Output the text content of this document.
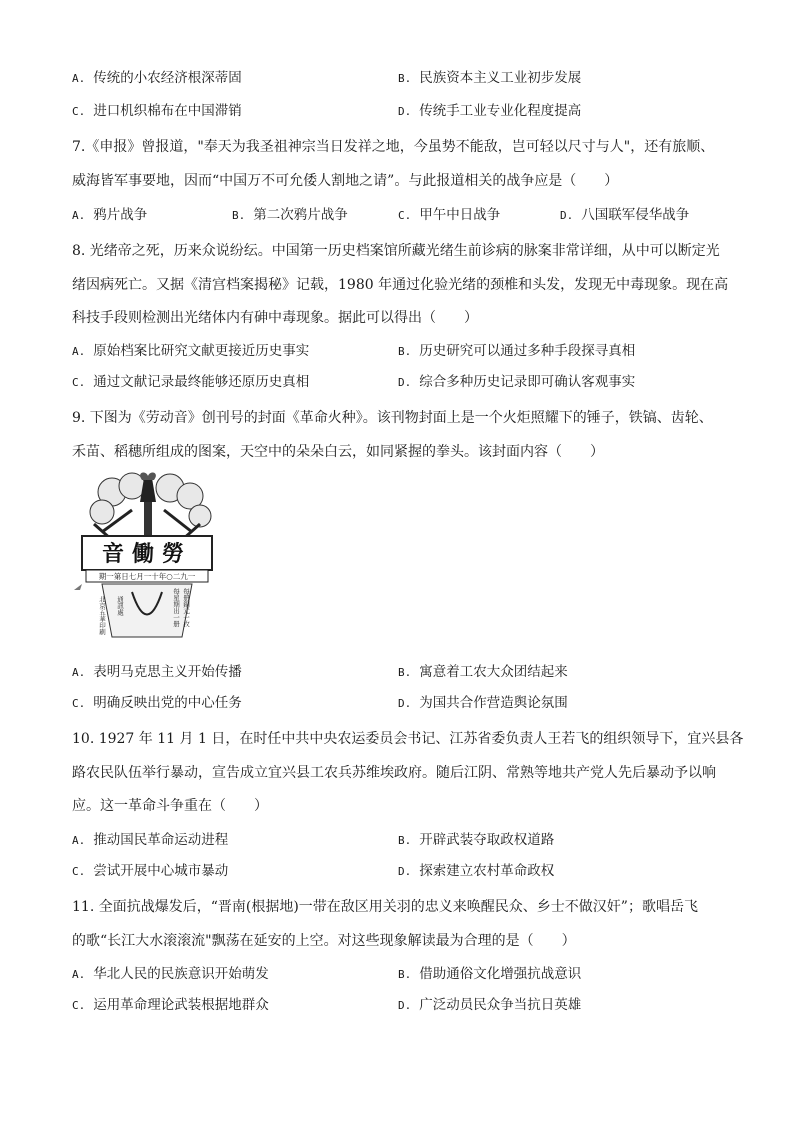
A. 传统的小农经济根深蒂固	B. 民族资本主义工业初步发展
C. 进口机织棉布在中国滞销	D. 传统手工业专业化程度提高
7.《申报》曾报道，"奉天为我圣祖神宗当日发祥之地，今虽势不能敌，岂可轻以尺寸与人"，还有旅顺、
威海皆军事要地，因而“中国万不可允倭人割地之请”。与此报道相关的战争应是（　　）
A. 鸦片战争	B. 第二次鸦片战争	C. 甲午中日战争	D. 八国联军侵华战争
8. 光绪帝之死，历来众说纷纭。中国第一历史档案馆所藏光绪生前诊病的脉案非常详细，从中可以断定光
绪因病死亡。又据《清宫档案揭秘》记载，1980 年通过化验光绪的颈椎和头发，发现无中毒现象。现在高
科技手段则检测出光绪体内有砷中毒现象。据此可以得出（　　）
A. 原始档案比研究文献更接近历史事实	B. 历史研究可以通过多种手段探寻真相
C. 通过文献记录最终能够还原历史真相	D. 综合多种历史记录即可确认客观事实
9. 下图为《劳动音》创刊号的封面《革命火种》。该刊物封面上是一个火炬照耀下的锤子，铁镐、齿轮、
禾苗、稻穗所组成的图案，天空中的朵朵白云，如同紧握的拳头。该封面内容（　　）
音働勞
期一第日七月一十年○二九一
北京五華印刷 通訊處	每星期出一册 每册銅元一枚
A. 表明马克思主义开始传播	B. 寓意着工农大众团结起来
C. 明确反映出党的中心任务	D. 为国共合作营造舆论氛围
10. 1927 年 11 月 1 日，在时任中共中央农运委员会书记、江苏省委负责人王若飞的组织领导下，宜兴县各
路农民队伍举行暴动，宣告成立宜兴县工农兵苏维埃政府。随后江阴、常熟等地共产党人先后暴动予以响
应。这一革命斗争重在（　　）
A. 推动国民革命运动进程	B. 开辟武装夺取政权道路
C. 尝试开展中心城市暴动	D. 探索建立农村革命政权
11. 全面抗战爆发后，“晋南(根据地)一带在敌区用关羽的忠义来唤醒民众、乡士不做汉奸”；歌唱岳飞
的歌“长江大水滚滚流"飘荡在延安的上空。对这些现象解读最为合理的是（　　）
A. 华北人民的民族意识开始萌发	B. 借助通俗文化增强抗战意识
C. 运用革命理论武装根据地群众	D. 广泛动员民众争当抗日英雄
